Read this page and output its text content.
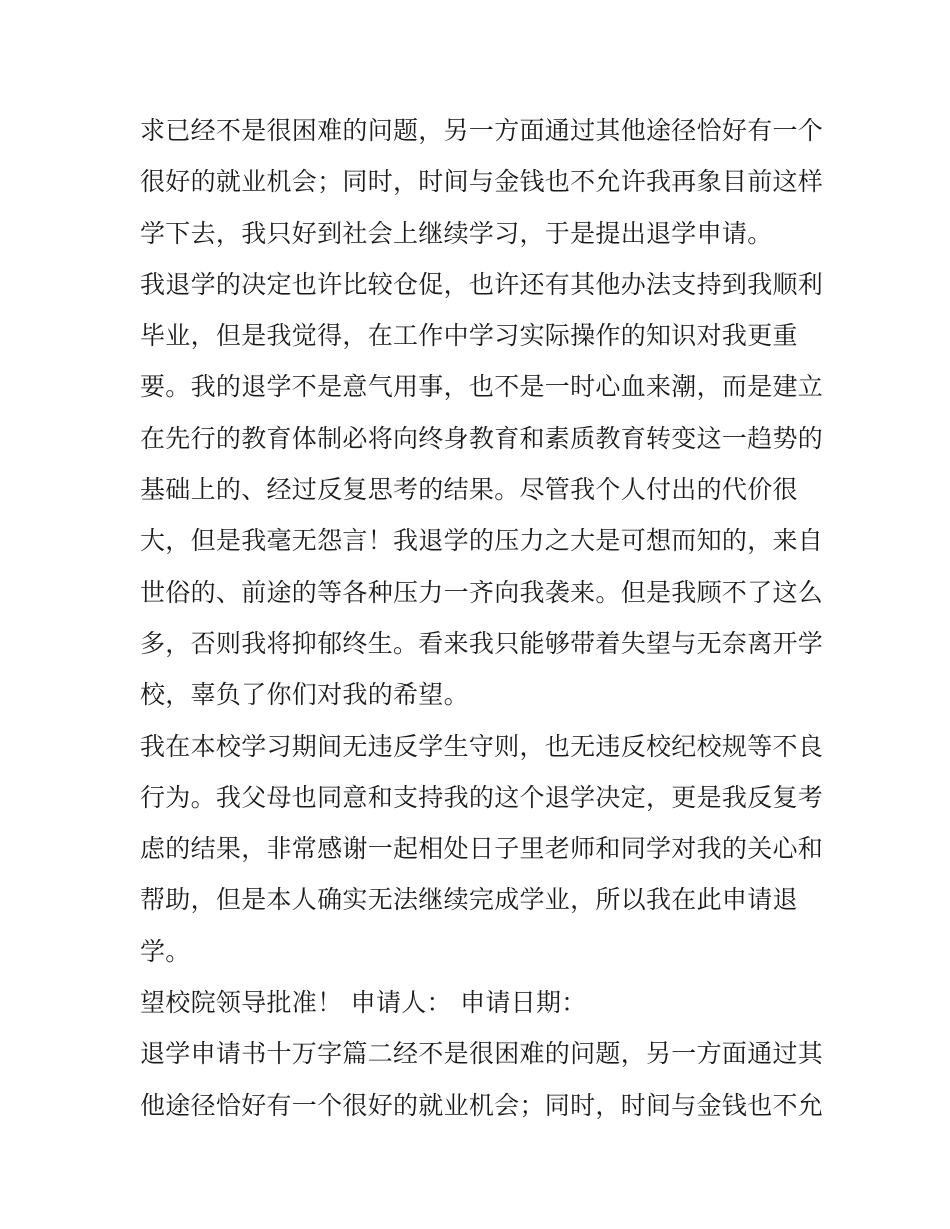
求已经不是很困难的问题，另一方面通过其他途径恰好有一个
很好的就业机会；同时，时间与金钱也不允许我再象目前这样
学下去，我只好到社会上继续学习，于是提出退学申请。
我退学的决定也许比较仓促，也许还有其他办法支持到我顺利
毕业，但是我觉得，在工作中学习实际操作的知识对我更重
要。我的退学不是意气用事，也不是一时心血来潮，而是建立
在先行的教育体制必将向终身教育和素质教育转变这一趋势的
基础上的、经过反复思考的结果。尽管我个人付出的代价很
大，但是我毫无怨言！我退学的压力之大是可想而知的，来自
世俗的、前途的等各种压力一齐向我袭来。但是我顾不了这么
多，否则我将抑郁终生。看来我只能够带着失望与无奈离开学
校，辜负了你们对我的希望。
我在本校学习期间无违反学生守则，也无违反校纪校规等不良
行为。我父母也同意和支持我的这个退学决定，更是我反复考
虑的结果，非常感谢一起相处日子里老师和同学对我的关心和
帮助，但是本人确实无法继续完成学业，所以我在此申请退
学。
望校院领导批准！ 申请人： 申请日期：
退学申请书十万字篇二经不是很困难的问题，另一方面通过其
他途径恰好有一个很好的就业机会；同时，时间与金钱也不允
